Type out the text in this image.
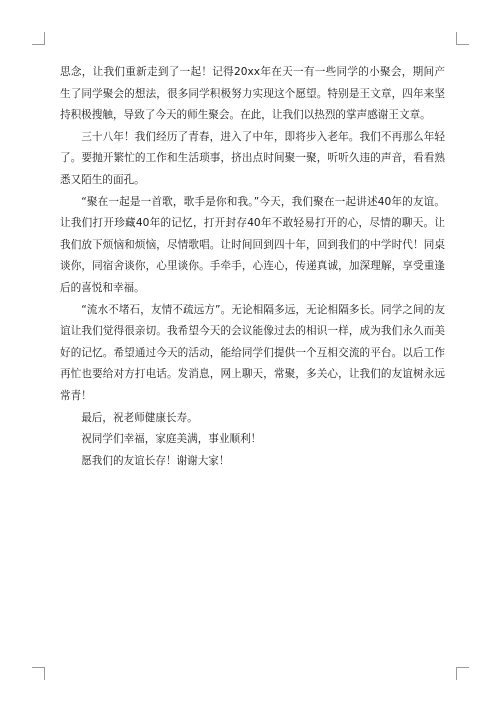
思念，让我们重新走到了一起！记得20xx年在天一有一些同学的小聚会，期间产生了同学聚会的想法，很多同学积极努力实现这个愿望。特别是王文章，四年来坚持积极搜触，导致了今天的师生聚会。在此，让我们以热烈的掌声感谢王文章。

三十八年！我们经历了青春，进入了中年，即将步入老年。我们不再那么年轻了。要抛开繁忙的工作和生活琐事，挤出点时间聚一聚，听听久违的声音，看看熟悉又陌生的面孔。

“聚在一起是一首歌，歌手是你和我。”今天，我们聚在一起讲述40年的友谊。让我们打开珍藏40年的记忆，打开封存40年不敢轻易打开的心，尽情的聊天。让我们放下烦恼和烦恼，尽情歌唱。让时间回到四十年，回到我们的中学时代！同桌谈你，同宿舍谈你，心里谈你。手牵手，心连心，传递真诚，加深理解，享受重逢后的喜悦和幸福。

“流水不堵石，友情不疏远方”。无论相隔多远，无论相隔多长。同学之间的友谊让我们觉得很亲切。我希望今天的会议能像过去的相识一样，成为我们永久而美好的记忆。希望通过今天的活动，能给同学们提供一个互相交流的平台。以后工作再忙也要给对方打电话。发消息，网上聊天，常聚，多关心，让我们的友谊树永远常青！

最后，祝老师健康长寿。

祝同学们幸福，家庭美满，事业顺利！

愿我们的友谊长存！谢谢大家！
